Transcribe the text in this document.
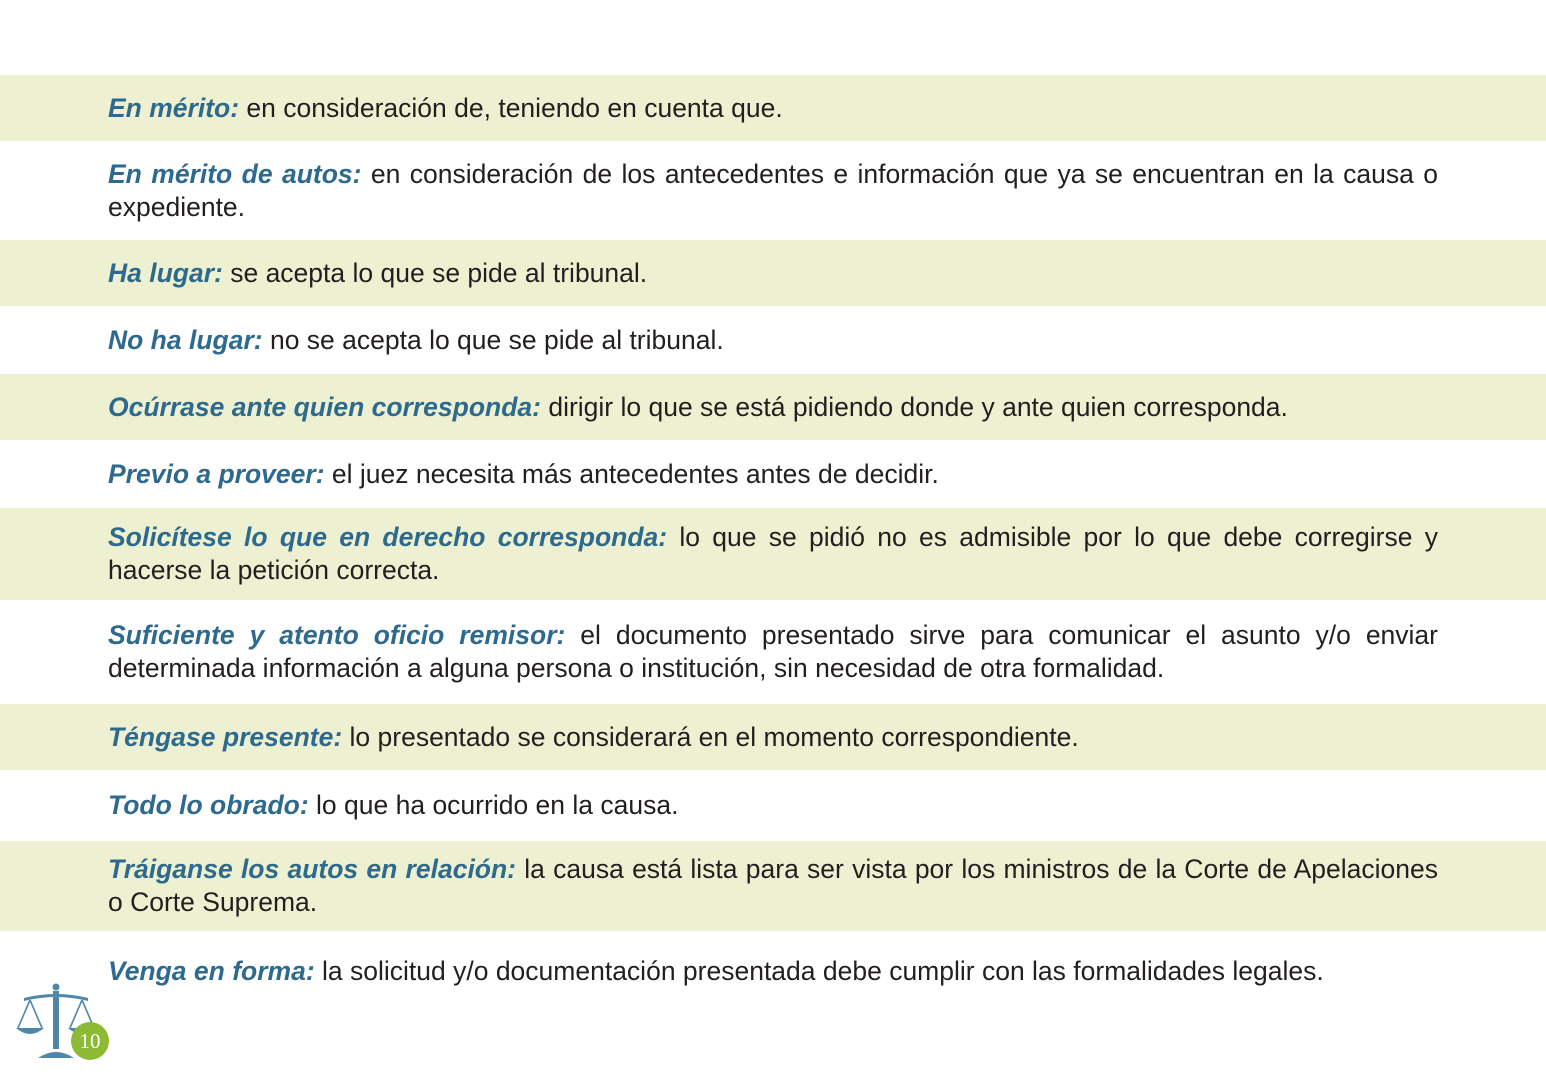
En mérito: en consideración de, teniendo en cuenta que.

En mérito de autos: en consideración de los antecedentes e información que ya se encuentran en la causa o expediente.

Ha lugar: se acepta lo que se pide al tribunal.

No ha lugar: no se acepta lo que se pide al tribunal.

Ocúrrase ante quien corresponda: dirigir lo que se está pidiendo donde y ante quien corresponda.

Previo a proveer: el juez necesita más antecedentes antes de decidir.

Solicítese lo que en derecho corresponda: lo que se pidió no es admisible por lo que debe corregirse y hacerse la petición correcta.

Suficiente y atento oficio remisor: el documento presentado sirve para comunicar el asunto y/o enviar determinada información a alguna persona o institución, sin necesidad de otra formalidad.

Téngase presente: lo presentado se considerará en el momento correspondiente.

Todo lo obrado: lo que ha ocurrido en la causa.

Tráiganse los autos en relación: la causa está lista para ser vista por los ministros de la Corte de Apelaciones o Corte Suprema.

Venga en forma: la solicitud y/o documentación presentada debe cumplir con las formalidades legales.

10
